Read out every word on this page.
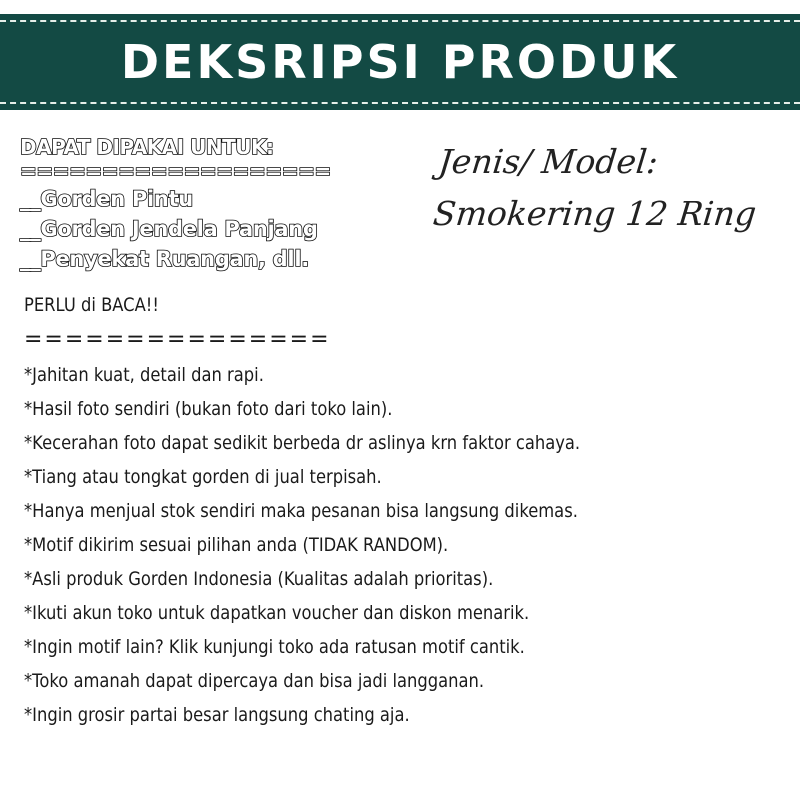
DEKSRIPSI PRODUK
DAPAT DIPAKAI UNTUK:
===================
__Gorden Pintu
__Gorden Jendela Panjang
__Penyekat Ruangan, dll.
Jenis/ Model:
Smokering 12 Ring
PERLU di BACA!!
===============
*Jahitan kuat, detail dan rapi.
*Hasil foto sendiri (bukan foto dari toko lain).
*Kecerahan foto dapat sedikit berbeda dr aslinya krn faktor cahaya.
*Tiang atau tongkat gorden di jual terpisah.
*Hanya menjual stok sendiri maka pesanan bisa langsung dikemas.
*Motif dikirim sesuai pilihan anda (TIDAK RANDOM).
*Asli produk Gorden Indonesia (Kualitas adalah prioritas).
*Ikuti akun toko untuk dapatkan voucher dan diskon menarik.
*Ingin motif lain? Klik kunjungi toko ada ratusan motif cantik.
*Toko amanah dapat dipercaya dan bisa jadi langganan.
*Ingin grosir partai besar langsung chating aja.
